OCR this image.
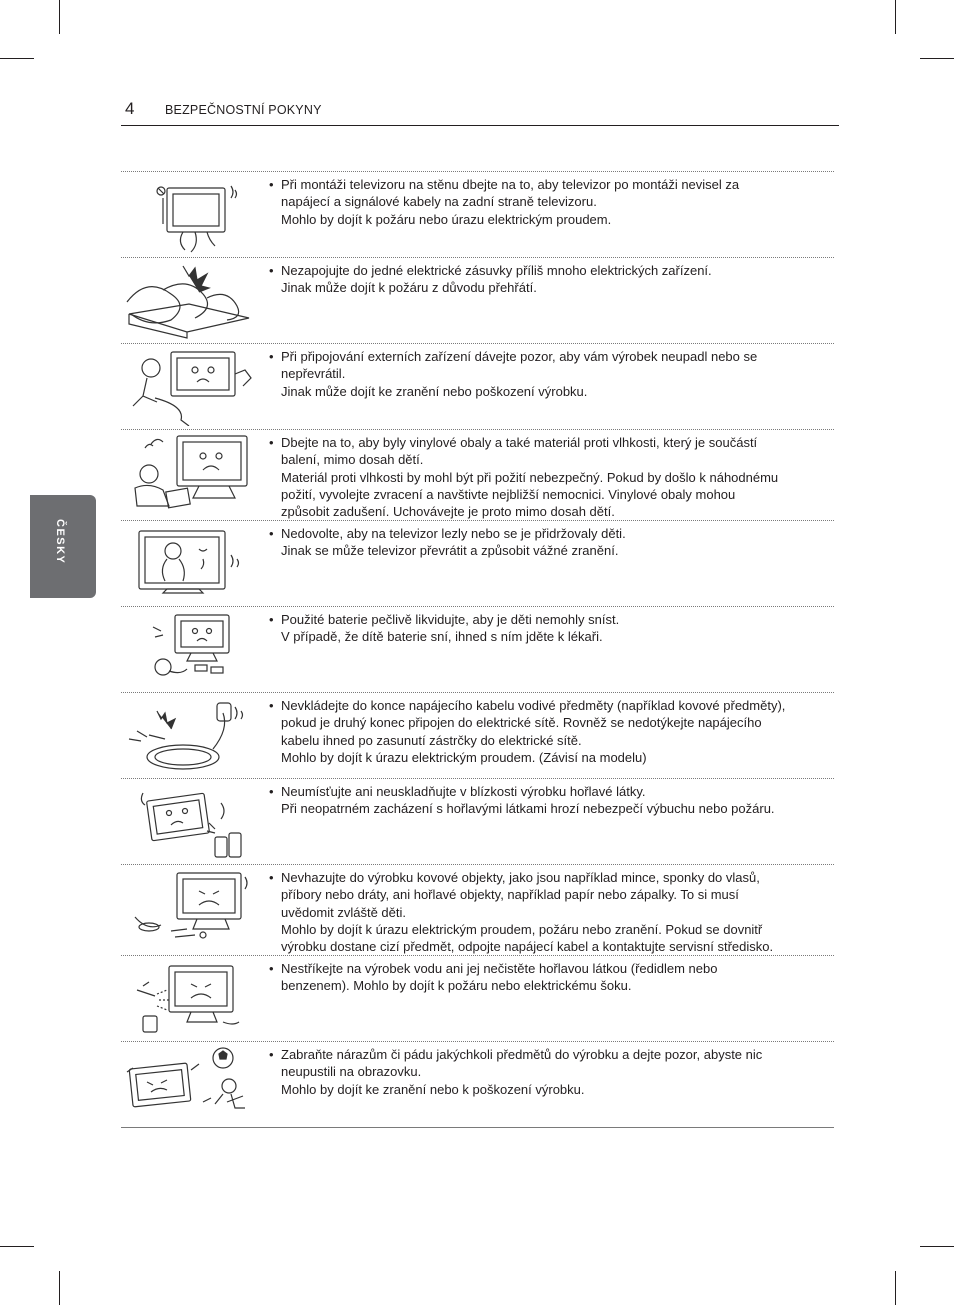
4 BEZPEČNOSTNÍ POKYNY
ČESKY
• Při montáži televizoru na stěnu dbejte na to, aby televizor po montáži nevisel za
napájecí a signálové kabely na zadní straně televizoru.
Mohlo by dojít k požáru nebo úrazu elektrickým proudem.
• Nezapojujte do jedné elektrické zásuvky příliš mnoho elektrických zařízení.
Jinak může dojít k požáru z důvodu přehřátí.
• Při připojování externích zařízení dávejte pozor, aby vám výrobek neupadl nebo se
nepřevrátil.
Jinak může dojít ke zranění nebo poškození výrobku.
• Dbejte na to, aby byly vinylové obaly a také materiál proti vlhkosti, který je součástí
balení, mimo dosah dětí.
Materiál proti vlhkosti by mohl být při požití nebezpečný. Pokud by došlo k náhodnému
požití, vyvolejte zvracení a navštivte nejbližší nemocnici. Vinylové obaly mohou
způsobit zadušení. Uchovávejte je proto mimo dosah dětí.
• Nedovolte, aby na televizor lezly nebo se je přidržovaly děti.
Jinak se může televizor převrátit a způsobit vážné zranění.
• Použité baterie pečlivě likvidujte, aby je děti nemohly sníst.
V případě, že dítě baterie sní, ihned s ním jděte k lékaři.
• Nevkládejte do konce napájecího kabelu vodivé předměty (například kovové předměty),
pokud je druhý konec připojen do elektrické sítě. Rovněž se nedotýkejte napájecího
kabelu ihned po zasunutí zástrčky do elektrické sítě.
Mohlo by dojít k úrazu elektrickým proudem. (Závisí na modelu)
• Neumísťujte ani neuskladňujte v blízkosti výrobku hořlavé látky.
Při neopatrném zacházení s hořlavými látkami hrozí nebezpečí výbuchu nebo požáru.
• Nevhazujte do výrobku kovové objekty, jako jsou například mince, sponky do vlasů,
příbory nebo dráty, ani hořlavé objekty, například papír nebo zápalky. To si musí
uvědomit zvláště děti.
Mohlo by dojít k úrazu elektrickým proudem, požáru nebo zranění. Pokud se dovnitř
výrobku dostane cizí předmět, odpojte napájecí kabel a kontaktujte servisní středisko.
• Nestříkejte na výrobek vodu ani jej nečistěte hořlavou látkou (ředidlem nebo
benzenem). Mohlo by dojít k požáru nebo elektrickému šoku.
• Zabraňte nárazům či pádu jakýchkoli předmětů do výrobku a dejte pozor, abyste nic
neupustili na obrazovku.
Mohlo by dojít ke zranění nebo k poškození výrobku.
